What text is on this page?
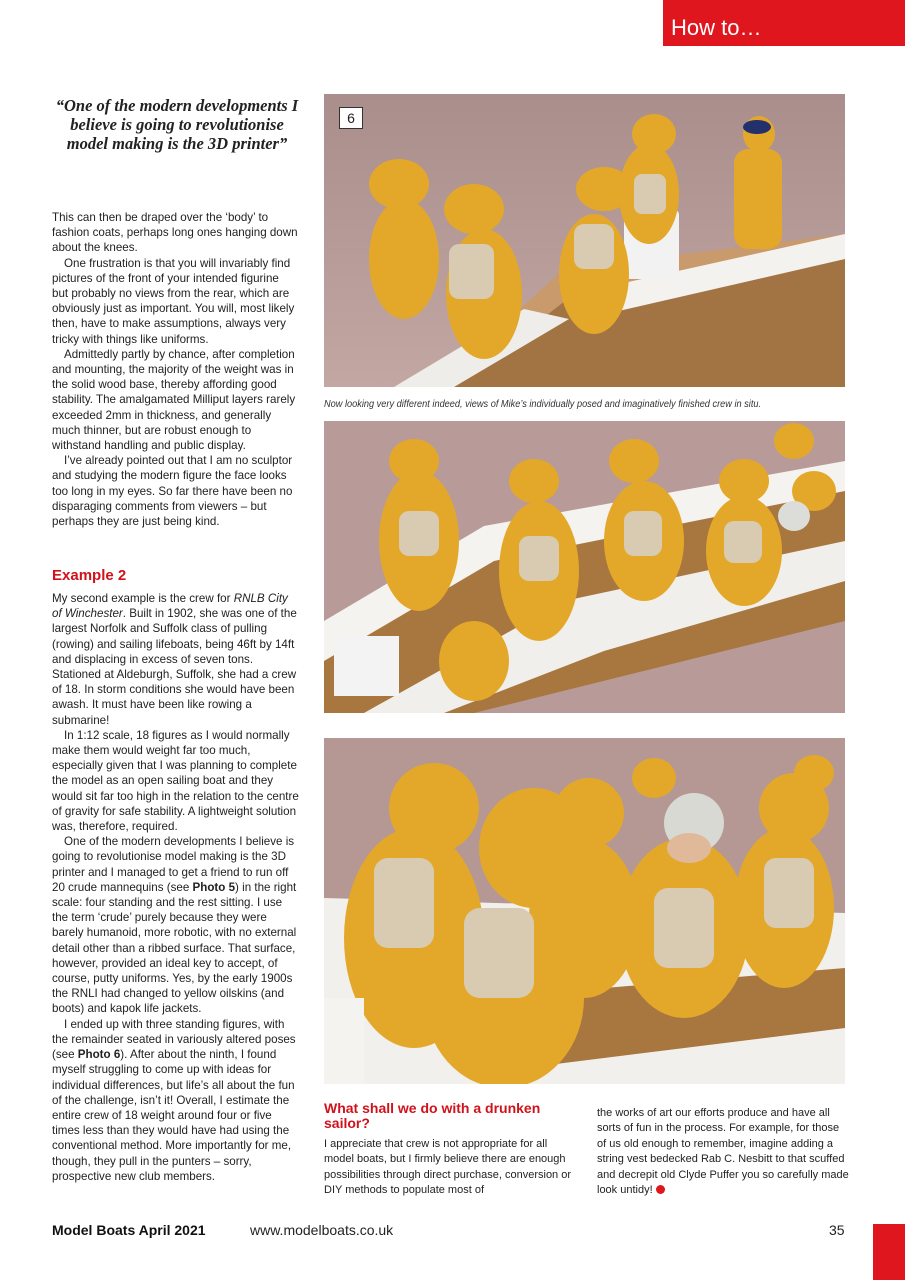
How to…
“One of the modern developments I believe is going to revolutionise model making is the 3D printer”

This can then be draped over the ‘body’ to fashion coats, perhaps long ones hanging down about the knees.

One frustration is that you will invariably find pictures of the front of your intended figurine but probably no views from the rear, which are obviously just as important. You will, most likely then, have to make assumptions, always very tricky with things like uniforms.

Admittedly partly by chance, after completion and mounting, the majority of the weight was in the solid wood base, thereby affording good stability. The amalgamated Milliput layers rarely exceeded 2mm in thickness, and generally much thinner, but are robust enough to withstand handling and public display.

I’ve already pointed out that I am no sculptor and studying the modern figure the face looks too long in my eyes. So far there have been no disparaging comments from viewers – but perhaps they are just being kind.

Example 2

My second example is the crew for RNLB City of Winchester. Built in 1902, she was one of the largest Norfolk and Suffolk class of pulling (rowing) and sailing lifeboats, being 46ft by 14ft and displacing in excess of seven tons. Stationed at Aldeburgh, Suffolk, she had a crew of 18. In storm conditions she would have been awash. It must have been like rowing a submarine!

In 1:12 scale, 18 figures as I would normally make them would weight far too much, especially given that I was planning to complete the model as an open sailing boat and they would sit far too high in the relation to the centre of gravity for safe stability. A lightweight solution was, therefore, required.

One of the modern developments I believe is going to revolutionise model making is the 3D printer and I managed to get a friend to run off 20 crude mannequins (see Photo 5) in the right scale: four standing and the rest sitting. I use the term ‘crude’ purely because they were barely humanoid, more robotic, with no external detail other than a ribbed surface. That surface, however, provided an ideal key to accept, of course, putty uniforms. Yes, by the early 1900s the RNLI had changed to yellow oilskins (and boots) and kapok life jackets.

I ended up with three standing figures, with the remainder seated in variously altered poses (see Photo 6). After about the ninth, I found myself struggling to come up with ideas for individual differences, but life’s all about the fun of the challenge, isn’t it! Overall, I estimate the entire crew of 18 weight around four or five times less than they would have had using the conventional method. More importantly for me, though, they pull in the punters – sorry, prospective new club members.

6
Now looking very different indeed, views of Mike’s individually posed and imaginatively finished crew in situ.
What shall we do with a drunken sailor?

I appreciate that crew is not appropriate for all model boats, but I firmly believe there are enough possibilities through direct purchase, conversion or DIY methods to populate most of

the works of art our efforts produce and have all sorts of fun in the process. For example, for those of us old enough to remember, imagine adding a string vest bedecked Rab C. Nesbitt to that scuffed and decrepit old Clyde Puffer you so carefully made look untidy!

Model Boats April 2021	www.modelboats.co.uk	35
